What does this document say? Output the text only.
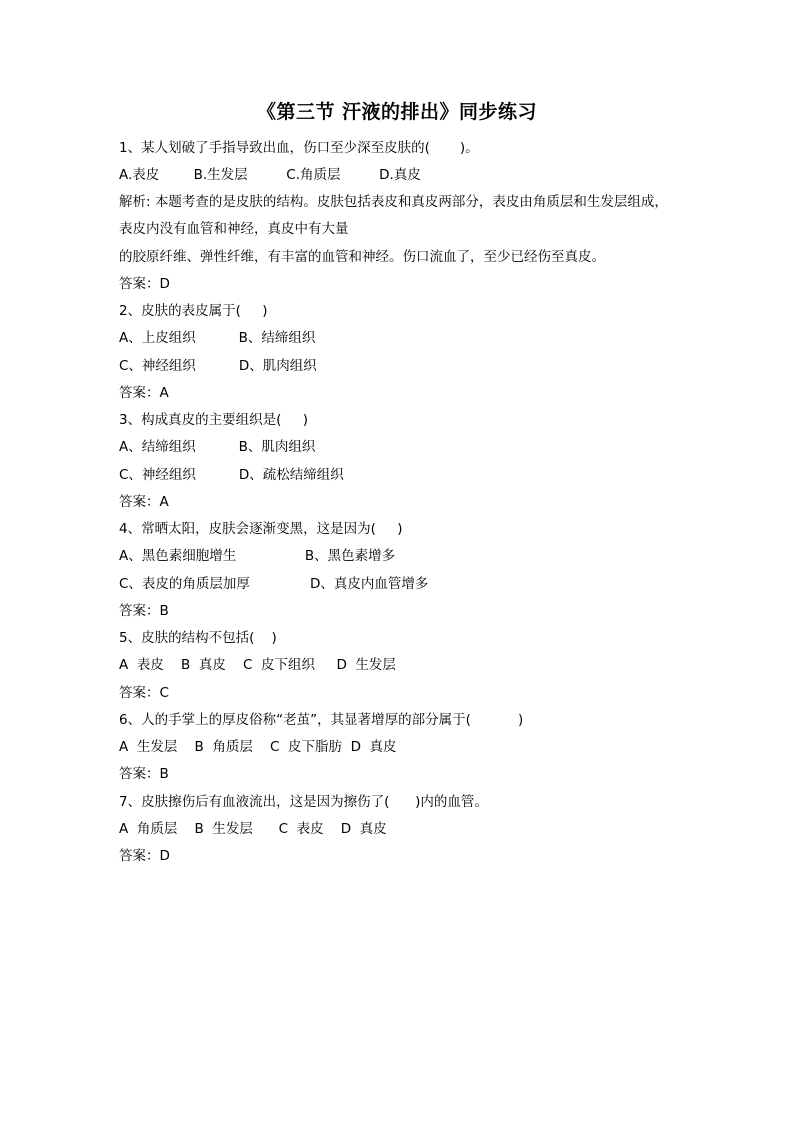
《第三节 汗液的排出》同步练习
1、某人划破了手指导致出血，伤口至少深至皮肤的(       )。
A.表皮        B.生发层         C.角质层         D.真皮
解析: 本题考查的是皮肤的结构。皮肤包括表皮和真皮两部分，表皮由角质层和生发层组成，
表皮内没有血管和神经，真皮中有大量
的胶原纤维、弹性纤维，有丰富的血管和神经。伤口流血了，至少已经伤至真皮。
答案：D
2、皮肤的表皮属于(     )
A、上皮组织          B、结缔组织
C、神经组织          D、肌肉组织
答案：A
3、构成真皮的主要组织是(     )
A、结缔组织          B、肌肉组织
C、神经组织          D、疏松结缔组织
答案：A
4、常晒太阳，皮肤会逐渐变黑，这是因为(     )
A、黑色素细胞增生                B、黑色素增多
C、表皮的角质层加厚              D、真皮内血管增多
答案：B
5、皮肤的结构不包括(    )
A  表皮    B  真皮    C  皮下组织     D  生发层
答案：C
6、人的手掌上的厚皮俗称“老茧”，其显著增厚的部分属于(           )
A  生发层    B  角质层    C  皮下脂肪  D  真皮
答案：B
7、皮肤擦伤后有血液流出，这是因为擦伤了(      )内的血管。
A  角质层    B  生发层      C  表皮    D  真皮
答案：D
